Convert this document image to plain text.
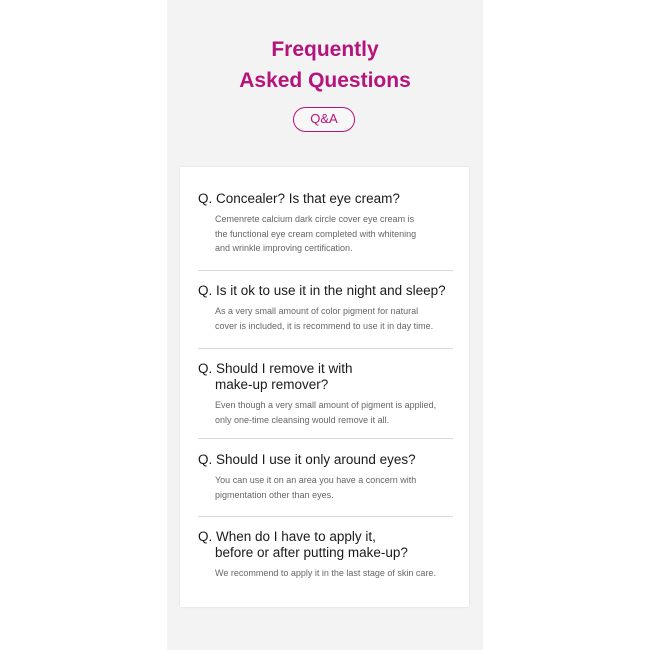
Frequently
Asked Questions
Q&A

Q. Concealer? Is that eye cream?

Cemenrete calcium dark circle cover eye cream is
the functional eye cream completed with whitening
and wrinkle improving certification.

Q. Is it ok to use it in the night and sleep?

As a very small amount of color pigment for natural
cover is included, it is recommend to use it in day time.

Q. Should I remove it with

make-up remover?

Even though a very small amount of pigment is applied,
only one-time cleansing would remove it all.

Q. Should I use it only around eyes?

You can use it on an area you have a concern with
pigmentation other than eyes.

Q. When do I have to apply it,

before or after putting make-up?

We recommend to apply it in the last stage of skin care.
